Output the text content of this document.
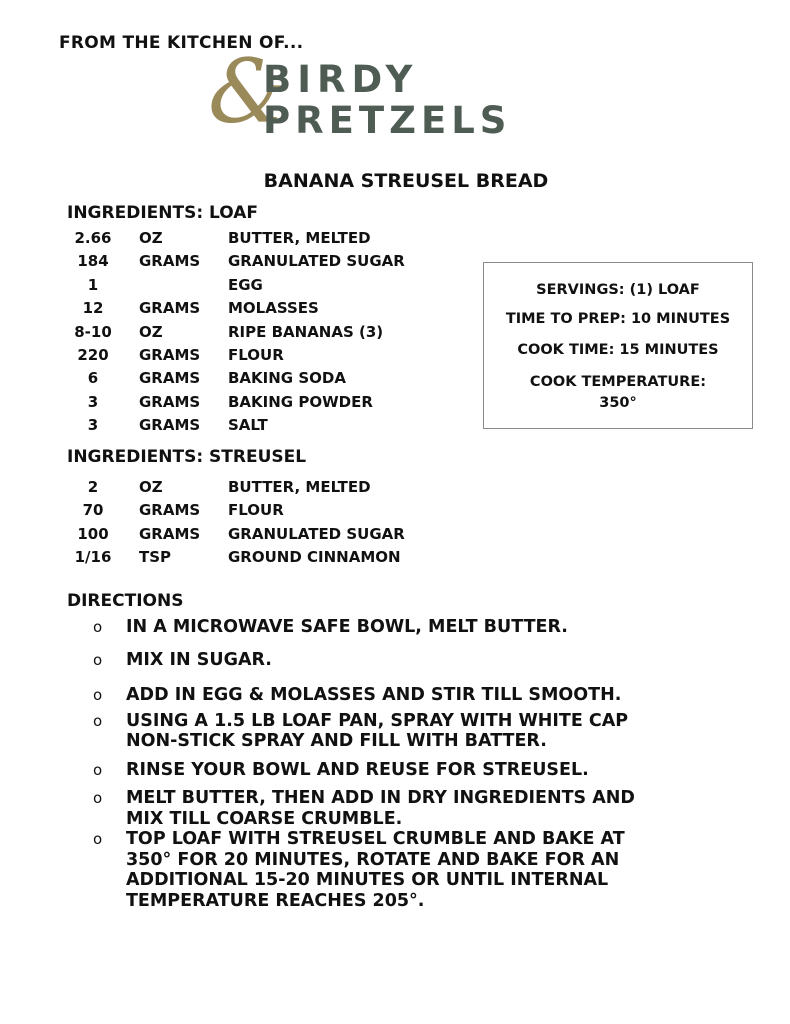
FROM THE KITCHEN OF...
&
BIRDY
PRETZELS
BANANA STREUSEL BREAD
INGREDIENTS: LOAF
2.66	OZ	BUTTER, MELTED
184	GRAMS GRANULATED SUGAR
1	EGG
12	GRAMS MOLASSES
8-10	OZ	RIPE BANANAS (3)
220	GRAMS FLOUR
6	GRAMS BAKING SODA
3	GRAMS BAKING POWDER
3	GRAMS SALT
INGREDIENTS: STREUSEL
2	OZ	BUTTER, MELTED
70	GRAMS FLOUR
100	GRAMS GRANULATED SUGAR
1/16	TSP	GROUND CINNAMON
SERVINGS: (1) LOAF
TIME TO PREP: 10 MINUTES
COOK TIME: 15 MINUTES
COOK TEMPERATURE:
350°
DIRECTIONS
o IN A MICROWAVE SAFE BOWL, MELT BUTTER.
o MIX IN SUGAR.
o ADD IN EGG & MOLASSES AND STIR TILL SMOOTH.
o USING A 1.5 LB LOAF PAN, SPRAY WITH WHITE CAP
NON-STICK SPRAY AND FILL WITH BATTER.
o RINSE YOUR BOWL AND REUSE FOR STREUSEL.
o MELT BUTTER, THEN ADD IN DRY INGREDIENTS AND
MIX TILL COARSE CRUMBLE.
o TOP LOAF WITH STREUSEL CRUMBLE AND BAKE AT
350° FOR 20 MINUTES, ROTATE AND BAKE FOR AN
ADDITIONAL 15-20 MINUTES OR UNTIL INTERNAL
TEMPERATURE REACHES 205°.
